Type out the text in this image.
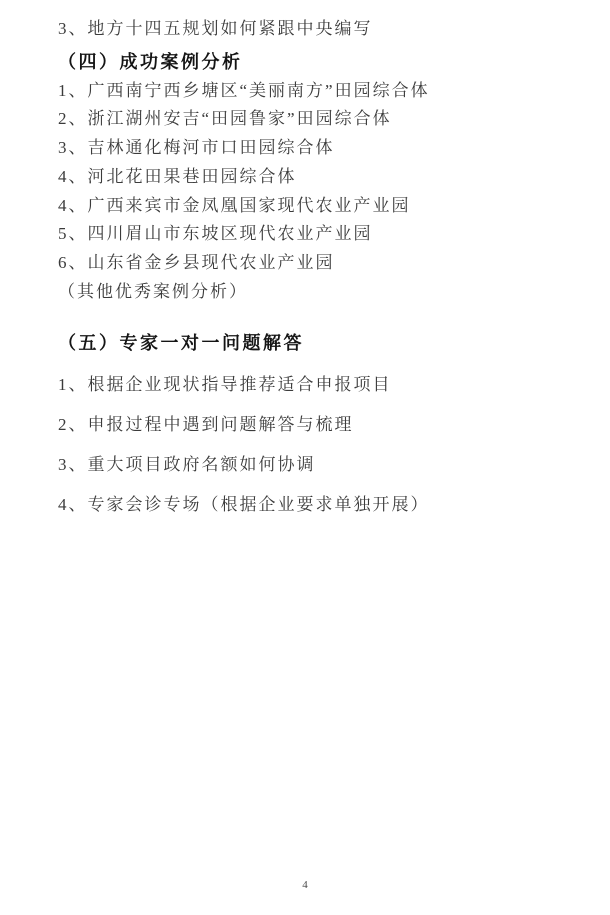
3、地方十四五规划如何紧跟中央编写
（四）成功案例分析
1、广西南宁西乡塘区“美丽南方”田园综合体
2、浙江湖州安吉“田园鲁家”田园综合体
3、吉林通化梅河市口田园综合体
4、河北花田果巷田园综合体
4、广西来宾市金凤凰国家现代农业产业园
5、四川眉山市东坡区现代农业产业园
6、山东省金乡县现代农业产业园
（其他优秀案例分析）
（五）专家一对一问题解答
1、根据企业现状指导推荐适合申报项目
2、申报过程中遇到问题解答与梳理
3、重大项目政府名额如何协调
4、专家会诊专场（根据企业要求单独开展）
4
